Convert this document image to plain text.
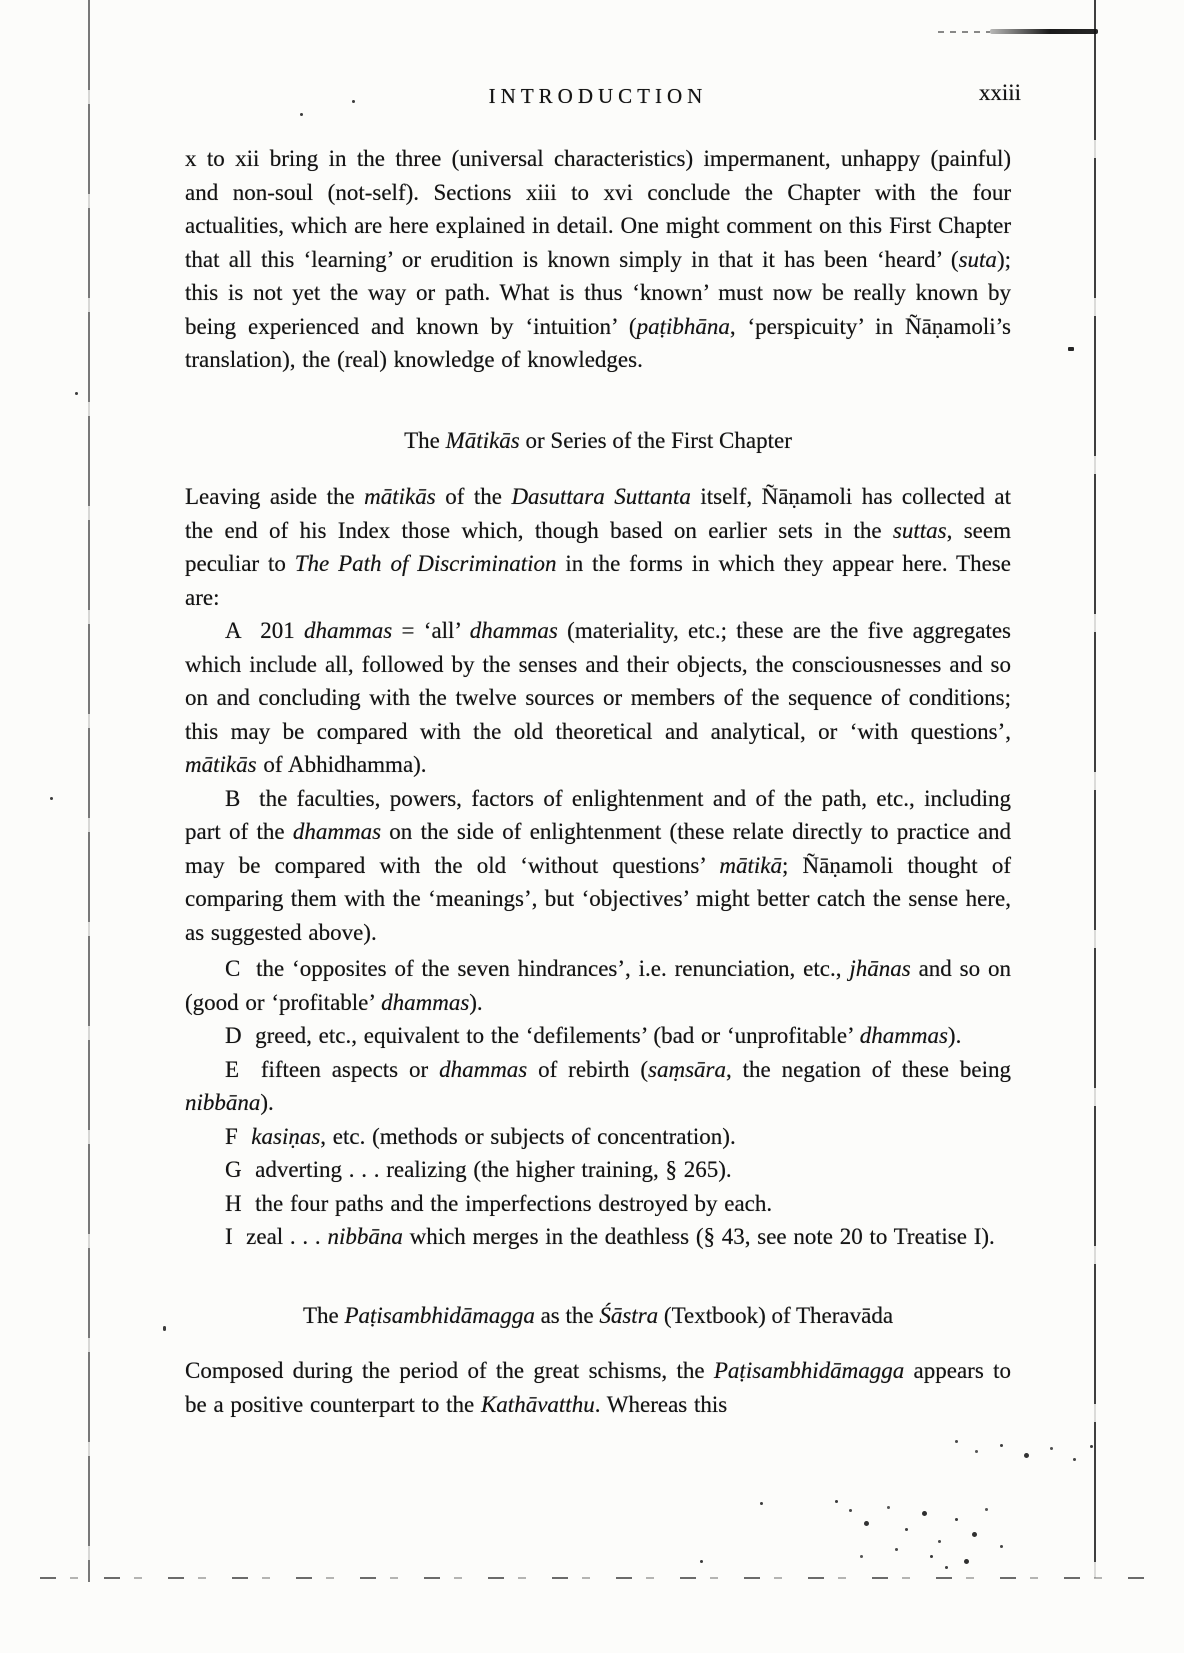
INTRODUCTION	xxiii

x to xii bring in the three (universal characteristics) impermanent, unhappy (painful) and non-soul (not-self). Sections xiii to xvi conclude the Chapter with the four actualities, which are here explained in detail. One might comment on this First Chapter that all this ‘learning’ or erudition is known simply in that it has been ‘heard’ (suta); this is not yet the way or path. What is thus ‘known’ must now be really known by being experienced and known by ‘intuition’ (paṭibhāna, ‘perspicuity’ in Ñāṇamoli’s translation), the (real) knowledge of knowledges.

The Mātikās or Series of the First Chapter

Leaving aside the mātikās of the Dasuttara Suttanta itself, Ñāṇamoli has collected at the end of his Index those which, though based on earlier sets in the suttas, seem peculiar to The Path of Discrimination in the forms in which they appear here. These are:

A  201 dhammas = ‘all’ dhammas (materiality, etc.; these are the five aggregates which include all, followed by the senses and their objects, the consciousnesses and so on and concluding with the twelve sources or members of the sequence of conditions; this may be compared with the old theoretical and analytical, or ‘with questions’, mātikās of Abhidhamma).

B  the faculties, powers, factors of enlightenment and of the path, etc., including part of the dhammas on the side of enlightenment (these relate directly to practice and may be compared with the old ‘without questions’ mātikā; Ñāṇamoli thought of comparing them with the ‘meanings’, but ‘objectives’ might better catch the sense here, as suggested above).

C  the ‘opposites of the seven hindrances’, i.e. renunciation, etc., jhānas and so on (good or ‘profitable’ dhammas).

D  greed, etc., equivalent to the ‘defilements’ (bad or ‘unprofitable’ dhammas).

E  fifteen aspects or dhammas of rebirth (saṃsāra, the negation of these being nibbāna).

F  kasiṇas, etc. (methods or subjects of concentration).

G  adverting . . . realizing (the higher training, § 265).

H  the four paths and the imperfections destroyed by each.

I  zeal . . . nibbāna which merges in the deathless (§ 43, see note 20 to Treatise I).

The Paṭisambhidāmagga as the Śāstra (Textbook) of Theravāda

Composed during the period of the great schisms, the Paṭisambhidāmagga appears to be a positive counterpart to the Kathāvatthu. Whereas this
